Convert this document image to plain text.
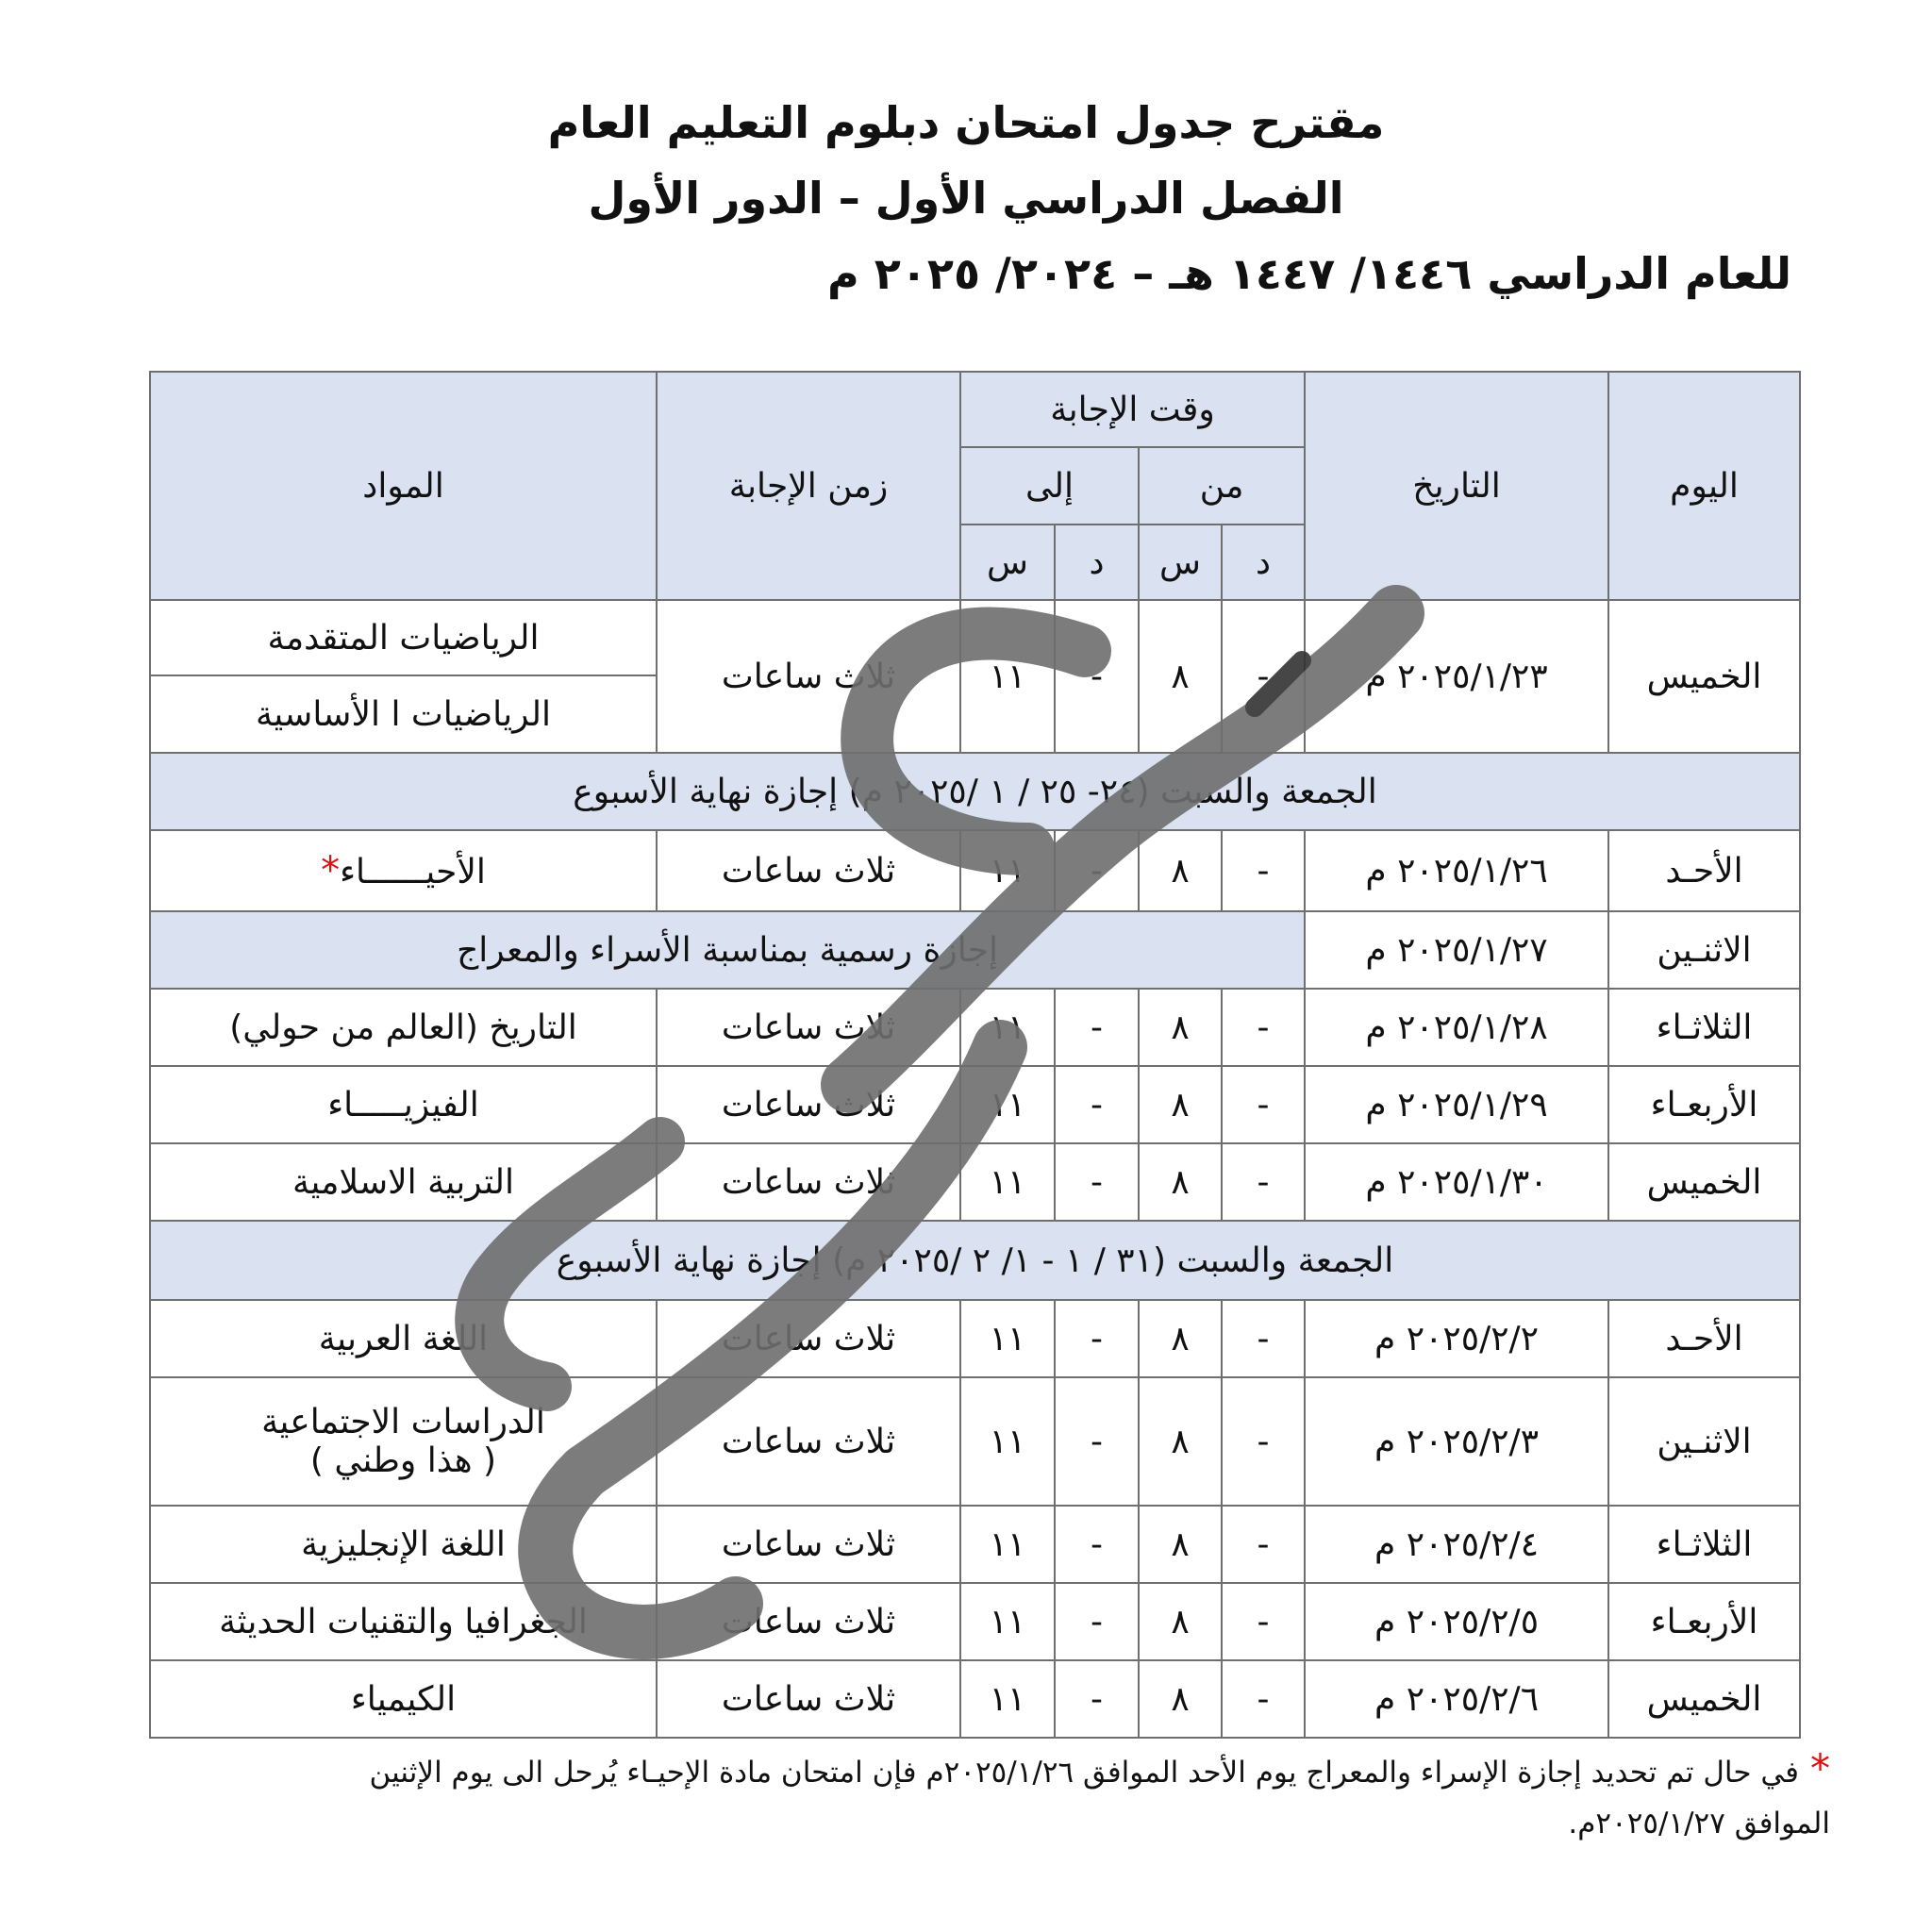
مقترح جدول امتحان دبلوم التعليم العام
الفصل الدراسي الأول – الدور الأول
للعام الدراسي ١٤٤٦/ ١٤٤٧ هـ – ٢٠٢٤/ ٢٠٢٥ م
اليوم	التاريخ	وقت الإجابة				زمن الإجابة	المواد
		من		إلى			
		د	س	د	س		
الخميس	٢٠٢٥/١/٢٣ م	-	٨	-	١١	ثلاث ساعات	الرياضيات المتقدمة
							الرياضيات ا الأساسية
الجمعة والسبت (٢٤- ٢٥ / ١ /٢٠٢٥ م) إجازة نهاية الأسبوع							
الأحـد	٢٠٢٥/١/٢٦ م	-	٨	-	١١	ثلاث ساعات	الأحيــــــاء*
الاثنـين	٢٠٢٥/١/٢٧ م	إجازة رسمية بمناسبة الأسراء والمعراج					
الثلاثـاء	٢٠٢٥/١/٢٨ م	-	٨	-	١١	ثلاث ساعات	التاريخ (العالم من حولي)
الأربعـاء	٢٠٢٥/١/٢٩ م	-	٨	-	١١	ثلاث ساعات	الفيزيـــــاء
الخميس	٢٠٢٥/١/٣٠ م	-	٨	-	١١	ثلاث ساعات	التربية الاسلامية
الجمعة والسبت (٣١ / ١ - ١/ ٢ /٢٠٢٥ م) إجازة نهاية الأسبوع							
الأحـد	٢٠٢٥/٢/٢ م	-	٨	-	١١	ثلاث ساعات	اللغة العربية
الاثنـين	٢٠٢٥/٢/٣ م	-	٨	-	١١	ثلاث ساعات	الدراسات الاجتماعية
( هذا وطني )

الثلاثـاء	٢٠٢٥/٢/٤ م	-	٨	-	١١	ثلاث ساعات	اللغة الإنجليزية
الأربعـاء	٢٠٢٥/٢/٥ م	-	٨	-	١١	ثلاث ساعات	الجغرافيا والتقنيات الحديثة
الخميس	٢٠٢٥/٢/٦ م	-	٨	-	١١	ثلاث ساعات	الكيمياء
*في حال تم تحديد إجازة الإسراء والمعراج يوم الأحد الموافق ٢٠٢٥/١/٢٦م فإن امتحان مادة الإحيـاء يُرحل الى يوم الإثنين الموافق ٢٠٢٥/١/٢٧م.
